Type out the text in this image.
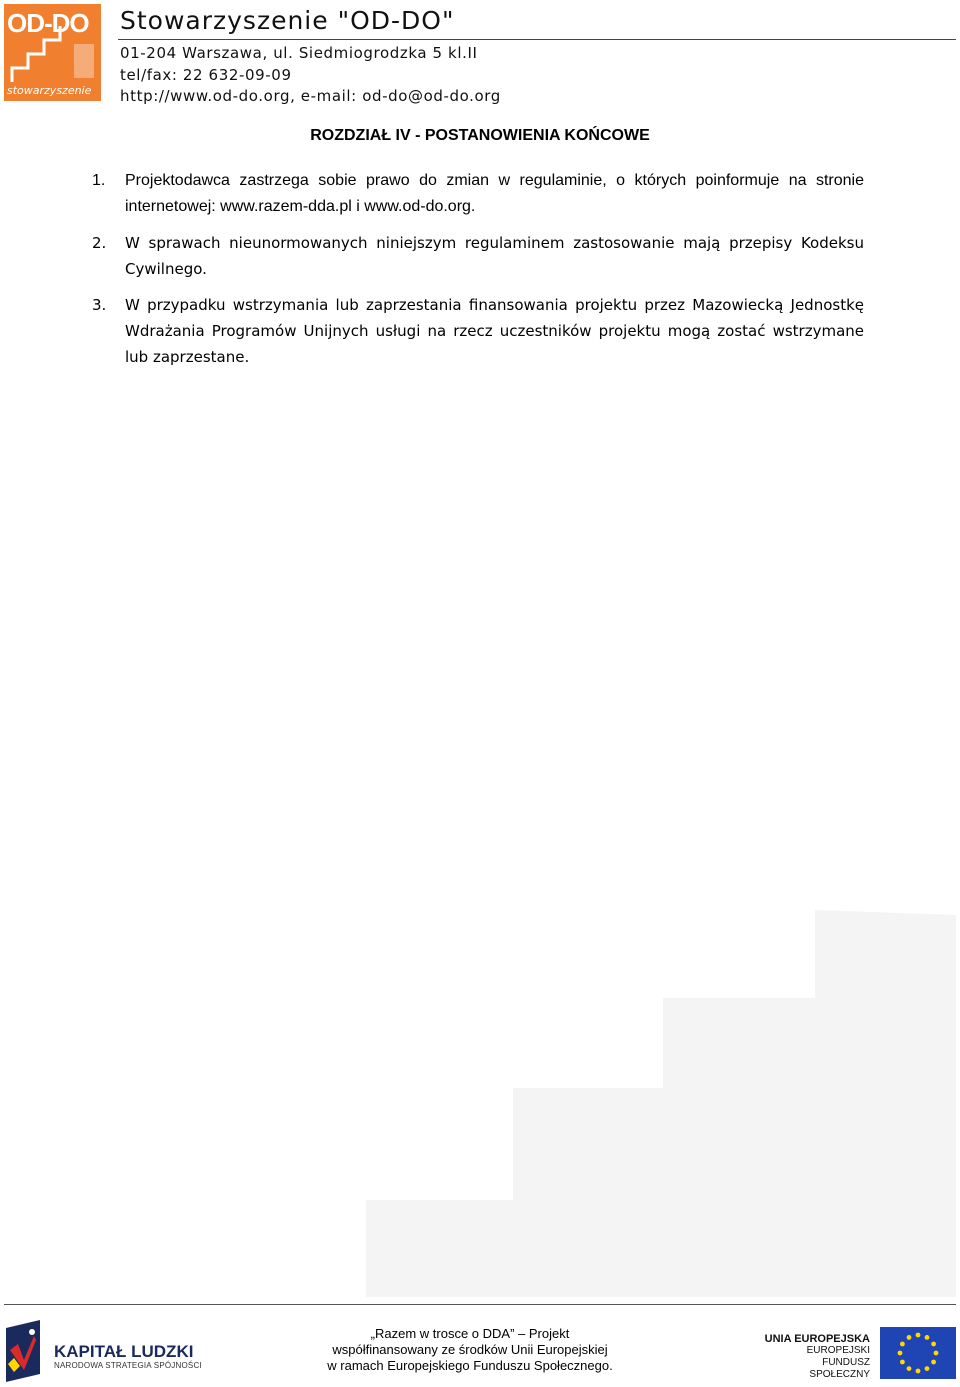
OD-DO
stowarzyszenie
Stowarzyszenie "OD-DO"
01-204 Warszawa, ul. Siedmiogrodzka 5 kl.II
tel/fax: 22 632-09-09
http://www.od-do.org, e-mail: od-do@od-do.org
ROZDZIAŁ IV - POSTANOWIENIA KOŃCOWE
1. Projektodawca zastrzega sobie prawo do zmian w regulaminie, o których poinformuje na stronie internetowej: www.razem-dda.pl i www.od-do.org.
2. W sprawach nieunormowanych niniejszym regulaminem zastosowanie mają przepisy Kodeksu Cywilnego.
3. W przypadku wstrzymania lub zaprzestania finansowania projektu przez Mazowiecką Jednostkę Wdrażania Programów Unijnych usługi na rzecz uczestników projektu mogą zostać wstrzymane lub zaprzestane.
KAPITAŁ LUDZKI
NARODOWA STRATEGIA SPÓJNOŚCI
„Razem w trosce o DDA” – Projekt
współfinansowany ze środków Unii Europejskiej
w ramach Europejskiego Funduszu Społecznego.
UNIA EUROPEJSKA
EUROPEJSKI
FUNDUSZ SPOŁECZNY
